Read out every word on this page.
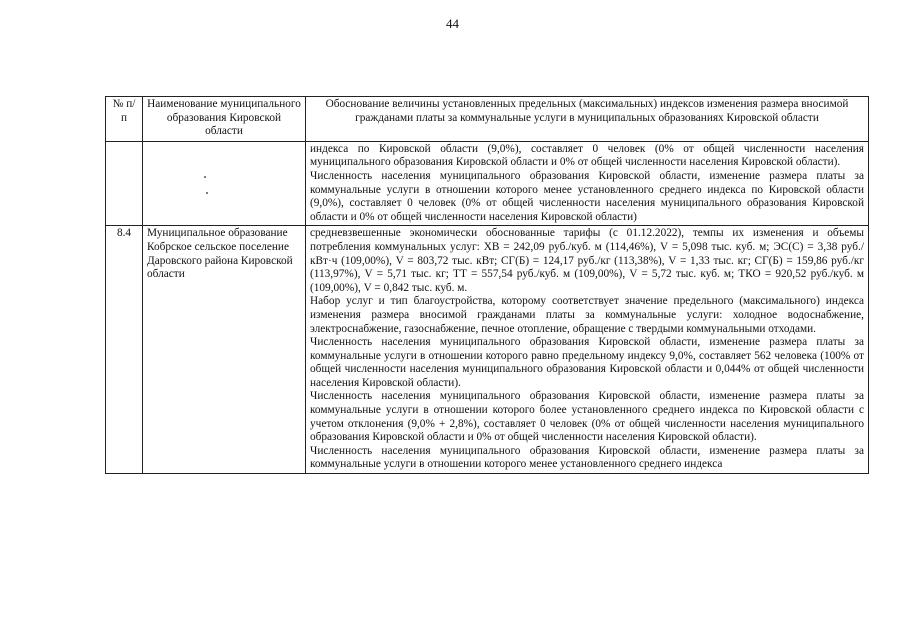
44
№ п/п	Наименование муниципального образования Кировской области	Обоснование величины установленных предельных (максимальных) индексов изменения размера вносимой гражданами платы за коммунальные услуги в муниципальных образованиях Кировской области

		индекса по Кировской области (9,0%), составляет 0 человек (0% от общей численности населения муниципального образования Кировской области и 0% от общей численности населения Кировской области).

Численность населения муниципального образования Кировской области, изменение размера платы за коммунальные услуги в отношении которого менее установленного среднего индекса по Кировской области (9,0%), составляет 0 человек (0% от общей численности населения муниципального образования Кировской области и 0% от общей численности населения Кировской области)

8.4	Муниципальное образование Кобрское сельское поселение Даровского района Кировской области	средневзвешенные экономически обоснованные тарифы (с 01.12.2022), темпы их изменения и объемы потребления коммунальных услуг: ХВ = 242,09 руб./куб. м (114,46%), V = 5,098 тыс. куб. м; ЭС(С) = 3,38 руб./кВт·ч (109,00%), V = 803,72 тыс. кВт; СГ(Б) = 124,17 руб./кг (113,38%), V = 1,33 тыс. кг; СГ(Б) = 159,86 руб./кг (113,97%), V = 5,71 тыс. кг; ТТ = 557,54 руб./куб. м (109,00%), V = 5,72 тыс. куб. м; ТКО = 920,52 руб./куб. м (109,00%), V = 0,842 тыс. куб. м.

Набор услуг и тип благоустройства, которому соответствует значение предельного (максимального) индекса изменения размера вносимой гражданами платы за коммунальные услуги: холодное водоснабжение, электроснабжение, газоснабжение, печное отопление, обращение с твердыми коммунальными отходами.

Численность населения муниципального образования Кировской области, изменение размера платы за коммунальные услуги в отношении которого равно предельному индексу 9,0%, составляет 562 человека (100% от общей численности населения муниципального образования Кировской области и 0,044% от общей численности населения Кировской области).

Численность населения муниципального образования Кировской области, изменение размера платы за коммунальные услуги в отношении которого более установленного среднего индекса по Кировской области с учетом отклонения (9,0% + 2,8%), составляет 0 человек (0% от общей численности населения муниципального образования Кировской области и 0% от общей численности населения Кировской области).

Численность населения муниципального образования Кировской области, изменение размера платы за коммунальные услуги в отношении которого менее установленного среднего индекса
